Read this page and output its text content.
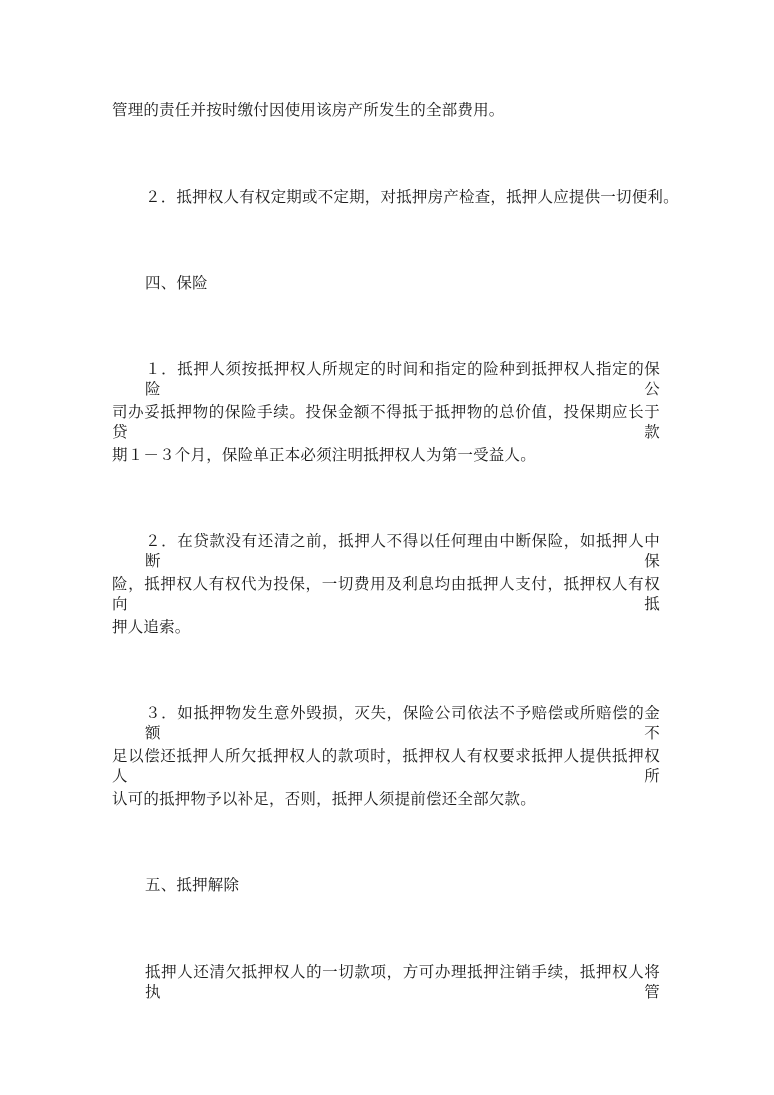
管理的责任并按时缴付因使用该房产所发生的全部费用。
２．抵押权人有权定期或不定期，对抵押房产检查，抵押人应提供一切便利。
四、保险
１．抵押人须按抵押权人所规定的时间和指定的险种到抵押权人指定的保险公
司办妥抵押物的保险手续。投保金额不得抵于抵押物的总价值，投保期应长于贷款
期１－３个月，保险单正本必须注明抵押权人为第一受益人。
２．在贷款没有还清之前，抵押人不得以任何理由中断保险，如抵押人中断保
险，抵押权人有权代为投保，一切费用及利息均由抵押人支付，抵押权人有权向抵
押人追索。
３．如抵押物发生意外毁损，灭失，保险公司依法不予赔偿或所赔偿的金额不
足以偿还抵押人所欠抵押权人的款项时，抵押权人有权要求抵押人提供抵押权人所
认可的抵押物予以补足，否则，抵押人须提前偿还全部欠款。
五、抵押解除
抵押人还清欠抵押权人的一切款项，方可办理抵押注销手续，抵押权人将执管
